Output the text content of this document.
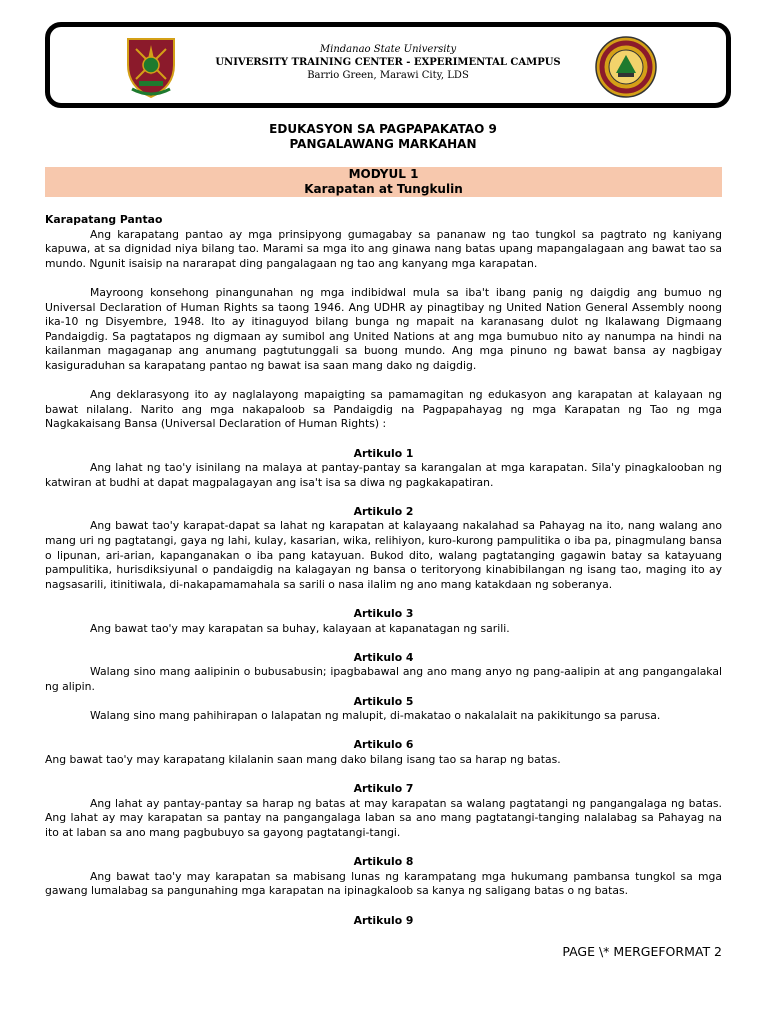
Mindanao State University
UNIVERSITY TRAINING CENTER - EXPERIMENTAL CAMPUS
Barrio Green, Marawi City, LDS
EDUKASYON SA PAGPAPAKATAO 9
PANGALAWANG MARKAHAN
MODYUL 1
Karapatan at Tungkulin
Karapatang Pantao

Ang karapatang pantao ay mga prinsipyong gumagabay sa pananaw ng tao tungkol sa pagtrato ng kaniyang kapuwa, at sa dignidad niya bilang tao. Marami sa mga ito ang ginawa nang batas upang mapangalagaan ang bawat tao sa mundo. Ngunit isaisip na nararapat ding pangalagaan ng tao ang kanyang mga karapatan.

Mayroong konsehong pinangunahan ng mga indibidwal mula sa iba't ibang panig ng daigdig ang bumuo ng Universal Declaration of Human Rights sa taong 1946. Ang UDHR ay pinagtibay ng United Nation General Assembly noong ika-10 ng Disyembre, 1948. Ito ay itinaguyod bilang bunga ng mapait na karanasang dulot ng Ikalawang Digmaang Pandaigdig. Sa pagtatapos ng digmaan ay sumibol ang United Nations at ang mga bumubuo nito ay nanumpa na hindi na kailanman magaganap ang anumang pagtutunggali sa buong mundo. Ang mga pinuno ng bawat bansa ay nagbigay kasiguraduhan sa karapatang pantao ng bawat isa saan mang dako ng daigdig.

Ang deklarasyong ito ay naglalayong mapaigting sa pamamagitan ng edukasyon ang karapatan at kalayaan ng bawat nilalang. Narito ang mga nakapaloob sa Pandaigdig na Pagpapahayag ng mga Karapatan ng Tao ng mga Nagkakaisang Bansa (Universal Declaration of Human Rights) :

Artikulo 1

Ang lahat ng tao'y isinilang na malaya at pantay-pantay sa karangalan at mga karapatan. Sila'y pinagkalooban ng katwiran at budhi at dapat magpalagayan ang isa't isa sa diwa ng pagkakapatiran.

Artikulo 2

Ang bawat tao'y karapat-dapat sa lahat ng karapatan at kalayaang nakalahad sa Pahayag na ito, nang walang ano mang uri ng pagtatangi, gaya ng lahi, kulay, kasarian, wika, relihiyon, kuro-kurong pampulitika o iba pa, pinagmulang bansa o lipunan, ari-arian, kapanganakan o iba pang katayuan. Bukod dito, walang pagtatanging gagawin batay sa katayuang pampulitika, hurisdiksiyunal o pandaigdig na kalagayan ng bansa o teritoryong kinabibilangan ng isang tao, maging ito ay nagsasarili, itinitiwala, di-nakapamamahala sa sarili o nasa ilalim ng ano mang katakdaan ng soberanya.

Artikulo 3

Ang bawat tao'y may karapatan sa buhay, kalayaan at kapanatagan ng sarili.

Artikulo 4

Walang sino mang aalipinin o bubusabusin; ipagbabawal ang ano mang anyo ng pang-aalipin at ang pangangalakal ng alipin.

Artikulo 5

Walang sino mang pahihirapan o lalapatan ng malupit, di-makatao o nakalalait na pakikitungo sa parusa.

Artikulo 6

Ang bawat tao'y may karapatang kilalanin saan mang dako bilang isang tao sa harap ng batas.

Artikulo 7

Ang lahat ay pantay-pantay sa harap ng batas at may karapatan sa walang pagtatangi ng pangangalaga ng batas. Ang lahat ay may karapatan sa pantay na pangangalaga laban sa ano mang pagtatangi-tanging nalalabag sa Pahayag na ito at laban sa ano mang pagbubuyo sa gayong pagtatangi-tangi.

Artikulo 8

Ang bawat tao'y may karapatan sa mabisang lunas ng karampatang mga hukumang pambansa tungkol sa mga gawang lumalabag sa pangunahing mga karapatan na ipinagkaloob sa kanya ng saligang batas o ng batas.

Artikulo 9
PAGE \* MERGEFORMAT 2
